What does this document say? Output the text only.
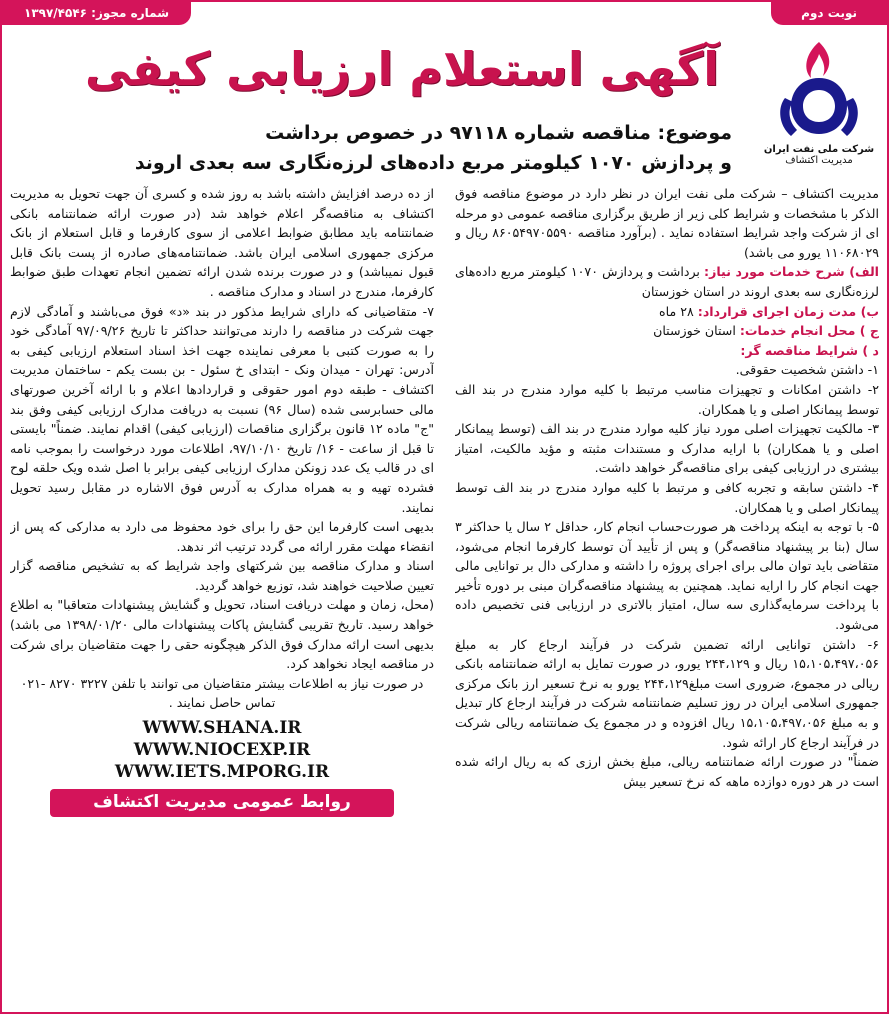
نوبت دوم
شماره مجوز: ۱۳۹۷/۴۵۴۶
شرکت ملی نفت ایران
مدیریت اکتشاف
آگهی استعلام ارزیابی کیفی
موضوع: مناقصه شماره ۹۷۱۱۸ در خصوص برداشت
و پردازش ۱۰۷۰ کیلومتر مربع داده‌های لرزه‌نگاری سه بعدی اروند

مدیریت اکتشاف – شرکت ملی نفت ایران در نظر دارد در موضوع مناقصه فوق الذکر با مشخصات و شرایط کلی زیر از طریق برگزاری مناقصه عمومی دو مرحله ای از شرکت واجد شرایط استفاده نماید . (برآورد مناقصه ۸۶۰۵۴۹۷۰۵۵۹۰ ریال و ۱۱۰۶۸۰۲۹ یورو می باشد)

الف) شرح خدمات مورد نیاز: برداشت و پردازش ۱۰۷۰ کیلومتر مربع داده‌های لرزه‌نگاری سه بعدی اروند در استان خوزستان

ب) مدت زمان اجرای قرارداد: ۲۸ ماه

ج ) محل انجام خدمات: استان خوزستان

د ) شرایط مناقصه گر:

۱- داشتن شخصیت حقوقی.

۲- داشتن امکانات و تجهیزات مناسب مرتبط با کلیه موارد مندرج در بند الف توسط پیمانکار اصلی و یا همکاران.

۳- مالکیت تجهیزات اصلی مورد نیاز کلیه موارد مندرج در بند الف (توسط پیمانکار اصلی و یا همکاران) با ارایه مدارک و مستندات مثبته و مؤید مالکیت، امتیاز بیشتری در ارزیابی کیفی برای مناقصه‌گر خواهد داشت.

۴- داشتن سابقه و تجربه کافی و مرتبط با کلیه موارد مندرج در بند الف توسط پیمانکار اصلی و یا همکاران.

۵- با توجه به اینکه پرداخت هر صورت‌حساب انجام کار، حداقل ۲ سال یا حداکثر ۳ سال (بنا بر پیشنهاد مناقصه‌گر) و پس از تأیید آن توسط کارفرما انجام می‌شود، متقاضی باید توان مالی برای اجرای پروژه را داشته و مدارکی دال بر توانایی مالی جهت انجام کار را ارایه نماید. همچنین به پیشنهاد مناقصه‌گران مبنی بر دوره تأخیر با پرداخت سرمایه‌گذاری سه سال، امتیاز بالاتری در ارزیابی فنی تخصیص داده می‌شود.

۶- داشتن توانایی ارائه تضمین شرکت در فرآیند ارجاع کار به مبلغ ۱۵،۱۰۵،۴۹۷،۰۵۶ ریال و ۲۴۴،۱۲۹ یورو، در صورت تمایل به ارائه ضمانتنامه بانکی ریالی در مجموع، ضروری است مبلغ۲۴۴،۱۲۹ یورو به نرخ تسعیر ارز بانک مرکزی جمهوری اسلامی ایران در روز تسلیم ضمانتنامه شرکت در فرآیند ارجاع کار تبدیل و به مبلغ ۱۵،۱۰۵،۴۹۷،۰۵۶ ریال افزوده و در مجموع یک ضمانتنامه ریالی شرکت در فرآیند ارجاع کار ارائه شود.

ضمناً" در صورت ارائه ضمانتنامه ریالی، مبلغ بخش ارزی که به ریال ارائه شده است در هر دوره دوازده ماهه که نرخ تسعیر بیش

از ده درصد افزایش داشته باشد به روز شده و کسری آن جهت تحویل به مدیریت اکتشاف به مناقصه‌گر اعلام خواهد شد (در صورت ارائه ضمانتنامه بانکی ضمانتنامه باید مطابق ضوابط اعلامی از سوی کارفرما و قابل استعلام از بانک مرکزی جمهوری اسلامی ایران باشد. ضمانتنامه‌های صادره از پست بانک قابل قبول نمیباشد) و در صورت برنده شدن ارائه تضمین انجام تعهدات طبق ضوابط کارفرما، مندرج در اسناد و مدارک مناقصه .

۷- متقاضیانی که دارای شرایط مذکور در بند «د» فوق می‌باشند و آمادگی لازم جهت شرکت در مناقصه را دارند می‌توانند حداکثر تا تاریخ ۹۷/۰۹/۲۶ آمادگی خود را به صورت کتبی با معرفی نماینده جهت اخذ اسناد استعلام ارزیابی کیفی به آدرس: تهران - میدان ونک - ابتدای خ سئول - بن بست یکم - ساختمان مدیریت اکتشاف - طبقه دوم امور حقوقی و قراردادها اعلام و با ارائه آخرین صورتهای مالی حسابرسی شده (سال ۹۶) نسبت به دریافت مدارک ارزیابی کیفی وفق بند "ج" ماده ۱۲ قانون برگزاری مناقصات (ارزیابی کیفی) اقدام نمایند. ضمناً" بایستی تا قبل از ساعت - ۱۶/ تاریخ ۹۷/۱۰/۱۰، اطلاعات مورد درخواست را بموجب نامه ای در قالب یک عدد زونکن مدارک ارزیابی کیفی برابر با اصل شده ویک حلقه لوح فشرده تهیه و به همراه مدارک به آدرس فوق الاشاره در مقابل رسید تحویل نمایند.

بدیهی است کارفرما این حق را برای خود محفوظ می دارد به مدارکی که پس از انقضاء مهلت مقرر ارائه می گردد ترتیب اثر ندهد.

اسناد و مدارک مناقصه بین شرکتهای واجد شرایط که به تشخیص مناقصه گزار تعیین صلاحیت خواهند شد، توزیع خواهد گردید.

(محل، زمان و مهلت دریافت اسناد، تحویل و گشایش پیشنهادات متعاقبا" به اطلاع خواهد رسید. تاریخ تقریبی گشایش پاکات پیشنهادات مالی ۱۳۹۸/۰۱/۲۰ می باشد) بدیهی است ارائه مدارک فوق الذکر هیچگونه حقی را جهت متقاضیان برای شرکت در مناقصه ایجاد نخواهد کرد.

در صورت نیاز به اطلاعات بیشتر متقاضیان می توانند با تلفن ۳۲۲۷ ۸۲۷۰ -۰۲۱ تماس حاصل نمایند .

WWW.SHANA.IR
WWW.NIOCEXP.IR
WWW.IETS.MPORG.IR
روابط عمومی مدیریت اکتشاف
